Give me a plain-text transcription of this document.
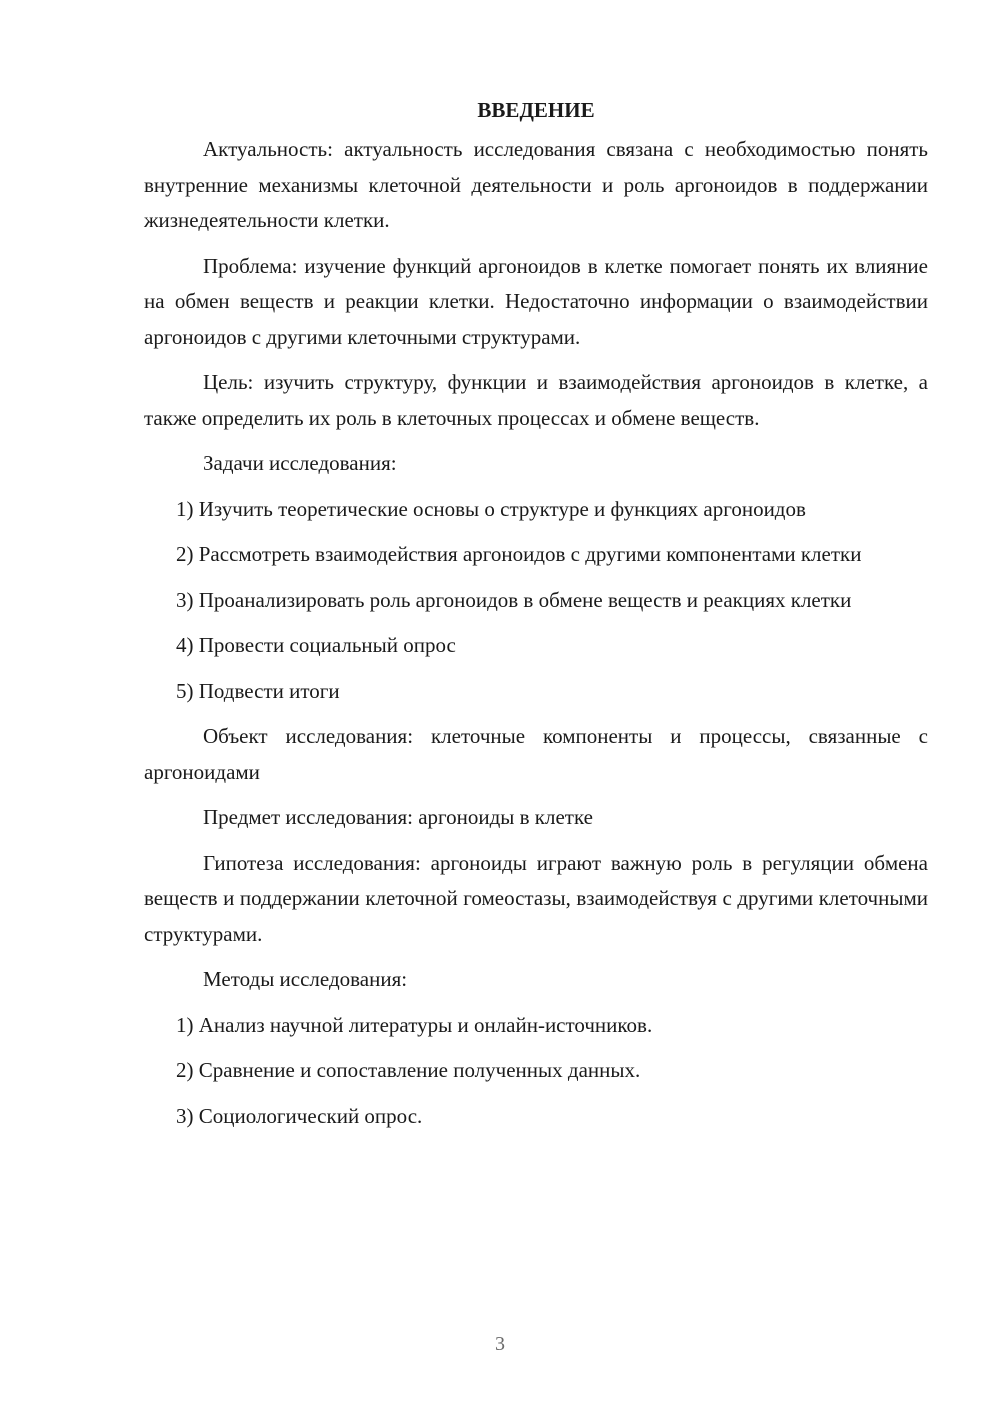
ВВЕДЕНИЕ

Актуальность: актуальность исследования связана с необходимостью понять внутренние механизмы клеточной деятельности и роль аргоноидов в поддержании жизнедеятельности клетки.

Проблема: изучение функций аргоноидов в клетке помогает понять их влияние на обмен веществ и реакции клетки. Недостаточно информации о взаимодействии аргоноидов с другими клеточными структурами.

Цель: изучить структуру, функции и взаимодействия аргоноидов в клетке, а также определить их роль в клеточных процессах и обмене веществ.

Задачи исследования:

1) Изучить теоретические основы о структуре и функциях аргоноидов

2) Рассмотреть взаимодействия аргоноидов с другими компонентами клетки

3) Проанализировать роль аргоноидов в обмене веществ и реакциях клетки

4) Провести социальный опрос

5) Подвести итоги

Объект исследования: клеточные компоненты и процессы, связанные с аргоноидами

Предмет исследования: аргоноиды в клетке

Гипотеза исследования: аргоноиды играют важную роль в регуляции обмена веществ и поддержании клеточной гомеостазы, взаимодействуя с другими клеточными структурами.

Методы исследования:

1) Анализ научной литературы и онлайн-источников.

2) Сравнение и сопоставление полученных данных.

3) Социологический опрос.

3
